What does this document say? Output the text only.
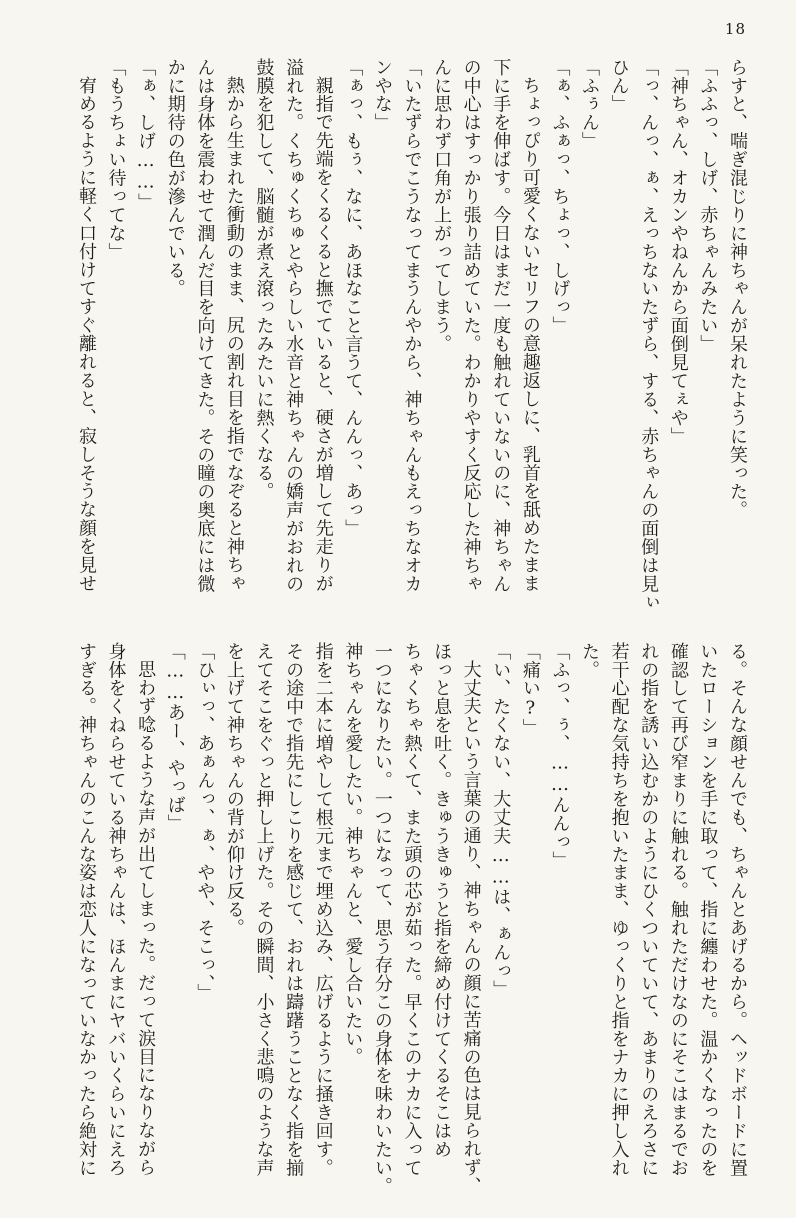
18

らすと、喘ぎ混じりに神ちゃんが呆れたように笑った。

「ふふっ、しげ、赤ちゃんみたい」

「神ちゃん、オカンやねんから面倒見てぇや」

「っ、んっ、ぁ、えっちないたずら、する、赤ちゃんの面倒は見ぃ

ひん」

「ふぅん」

「ぁ、ふぁっ、ちょっ、しげっ」

ちょっぴり可愛くないセリフの意趣返しに、乳首を舐めたまま

下に手を伸ばす。今日はまだ一度も触れていないのに、神ちゃん

の中心はすっかり張り詰めていた。わかりやすく反応した神ちゃ

んに思わず口角が上がってしまう。

「いたずらでこうなってまうんやから、神ちゃんもえっちなオカ

ンやな」

「ぁっ、もぅ、なに、あほなこと言うて、んんっ、あっ」

親指で先端をくるくると撫でていると、硬さが増して先走りが

溢れた。くちゅくちゅとやらしい水音と神ちゃんの嬌声がおれの

鼓膜を犯して、脳髄が煮え滾ったみたいに熱くなる。

熱から生まれた衝動のまま、尻の割れ目を指でなぞると神ちゃ

んは身体を震わせて潤んだ目を向けてきた。その瞳の奥底には微

かに期待の色が滲んでいる。

「ぁ、しげ……」

「もうちょい待ってな」

宥めるように軽く口付けてすぐ離れると、寂しそうな顔を見せ

る。そんな顔せんでも、ちゃんとあげるから。ヘッドボードに置

いたローションを手に取って、指に纏わせた。温かくなったのを

確認して再び窄まりに触れる。触れただけなのにそこはまるでお

れの指を誘い込むかのようにひくついていて、あまりのえろさに

若干心配な気持ちを抱いたまま、ゆっくりと指をナカに押し入れ

た。

「ふっ、ぅ、……んんっ」

「痛い?」

「い、たくない、大丈夫……は、ぁんっ」

大丈夫という言葉の通り、神ちゃんの顔に苦痛の色は見られず、

ほっと息を吐く。きゅうきゅうと指を締め付けてくるそこはめ

ちゃくちゃ熱くて、また頭の芯が茹った。早くこのナカに入って

一つになりたい。一つになって、思う存分この身体を味わいたい。

神ちゃんを愛したい。神ちゃんと、愛し合いたい。

指を二本に増やして根元まで埋め込み、広げるように掻き回す。

その途中で指先にしこりを感じて、おれは躊躇うことなく指を揃

えてそこをぐっと押し上げた。その瞬間、小さく悲鳴のような声

を上げて神ちゃんの背が仰け反る。

「ひぃっ、あぁんっ、ぁ、やや、そこっ、」

「……あー、やっば」

思わず唸るような声が出てしまった。だって涙目になりながら

身体をくねらせている神ちゃんは、ほんまにヤバいくらいにえろ

すぎる。神ちゃんのこんな姿は恋人になっていなかったら絶対に
